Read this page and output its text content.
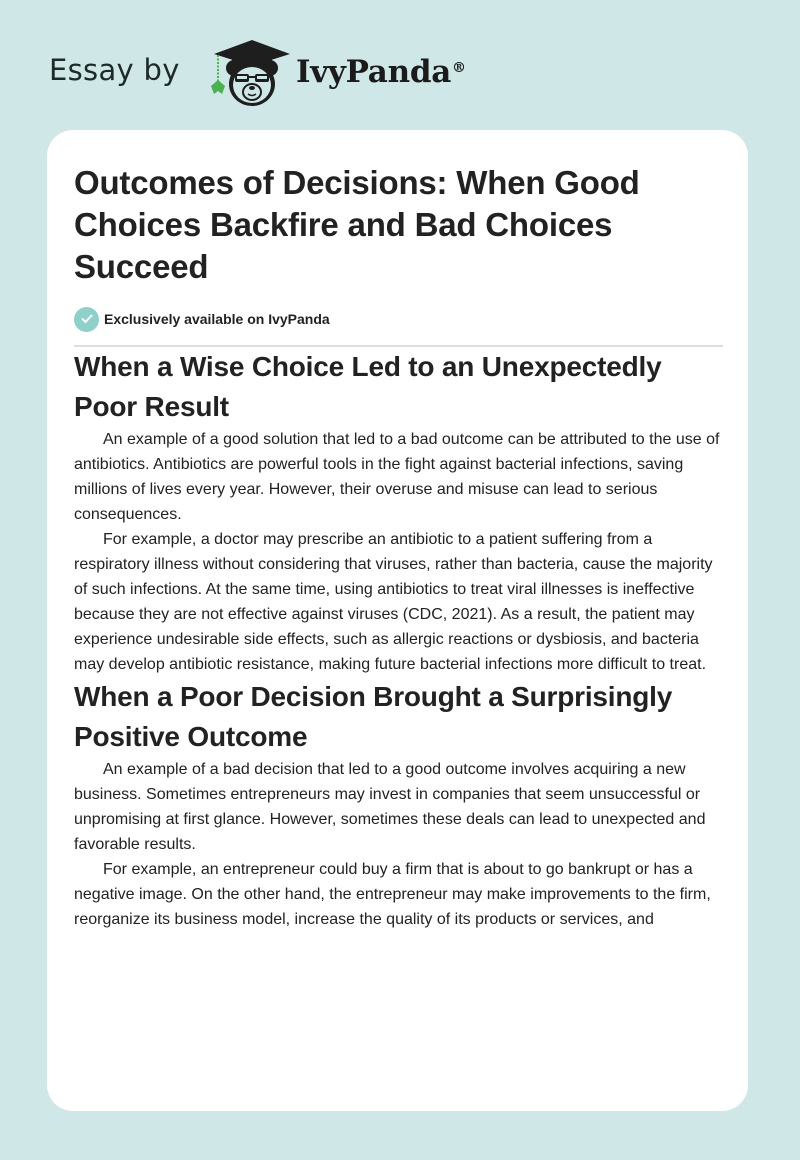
Essay by	IvyPanda®
Outcomes of Decisions: When Good Choices Backfire and Bad Choices Succeed
Exclusively available on IvyPanda
When a Wise Choice Led to an Unexpectedly Poor Result

An example of a good solution that led to a bad outcome can be attributed to the use of antibiotics. Antibiotics are powerful tools in the fight against bacterial infections, saving millions of lives every year. However, their overuse and misuse can lead to serious consequences.

For example, a doctor may prescribe an antibiotic to a patient suffering from a respiratory illness without considering that viruses, rather than bacteria, cause the majority of such infections. At the same time, using antibiotics to treat viral illnesses is ineffective because they are not effective against viruses (CDC, 2021). As a result, the patient may experience undesirable side effects, such as allergic reactions or dysbiosis, and bacteria may develop antibiotic resistance, making future bacterial infections more difficult to treat.

When a Poor Decision Brought a Surprisingly Positive Outcome

An example of a bad decision that led to a good outcome involves acquiring a new business. Sometimes entrepreneurs may invest in companies that seem unsuccessful or unpromising at first glance. However, sometimes these deals can lead to unexpected and favorable results.

For example, an entrepreneur could buy a firm that is about to go bankrupt or has a negative image. On the other hand, the entrepreneur may make improvements to the firm, reorganize its business model, increase the quality of its products or services, and
